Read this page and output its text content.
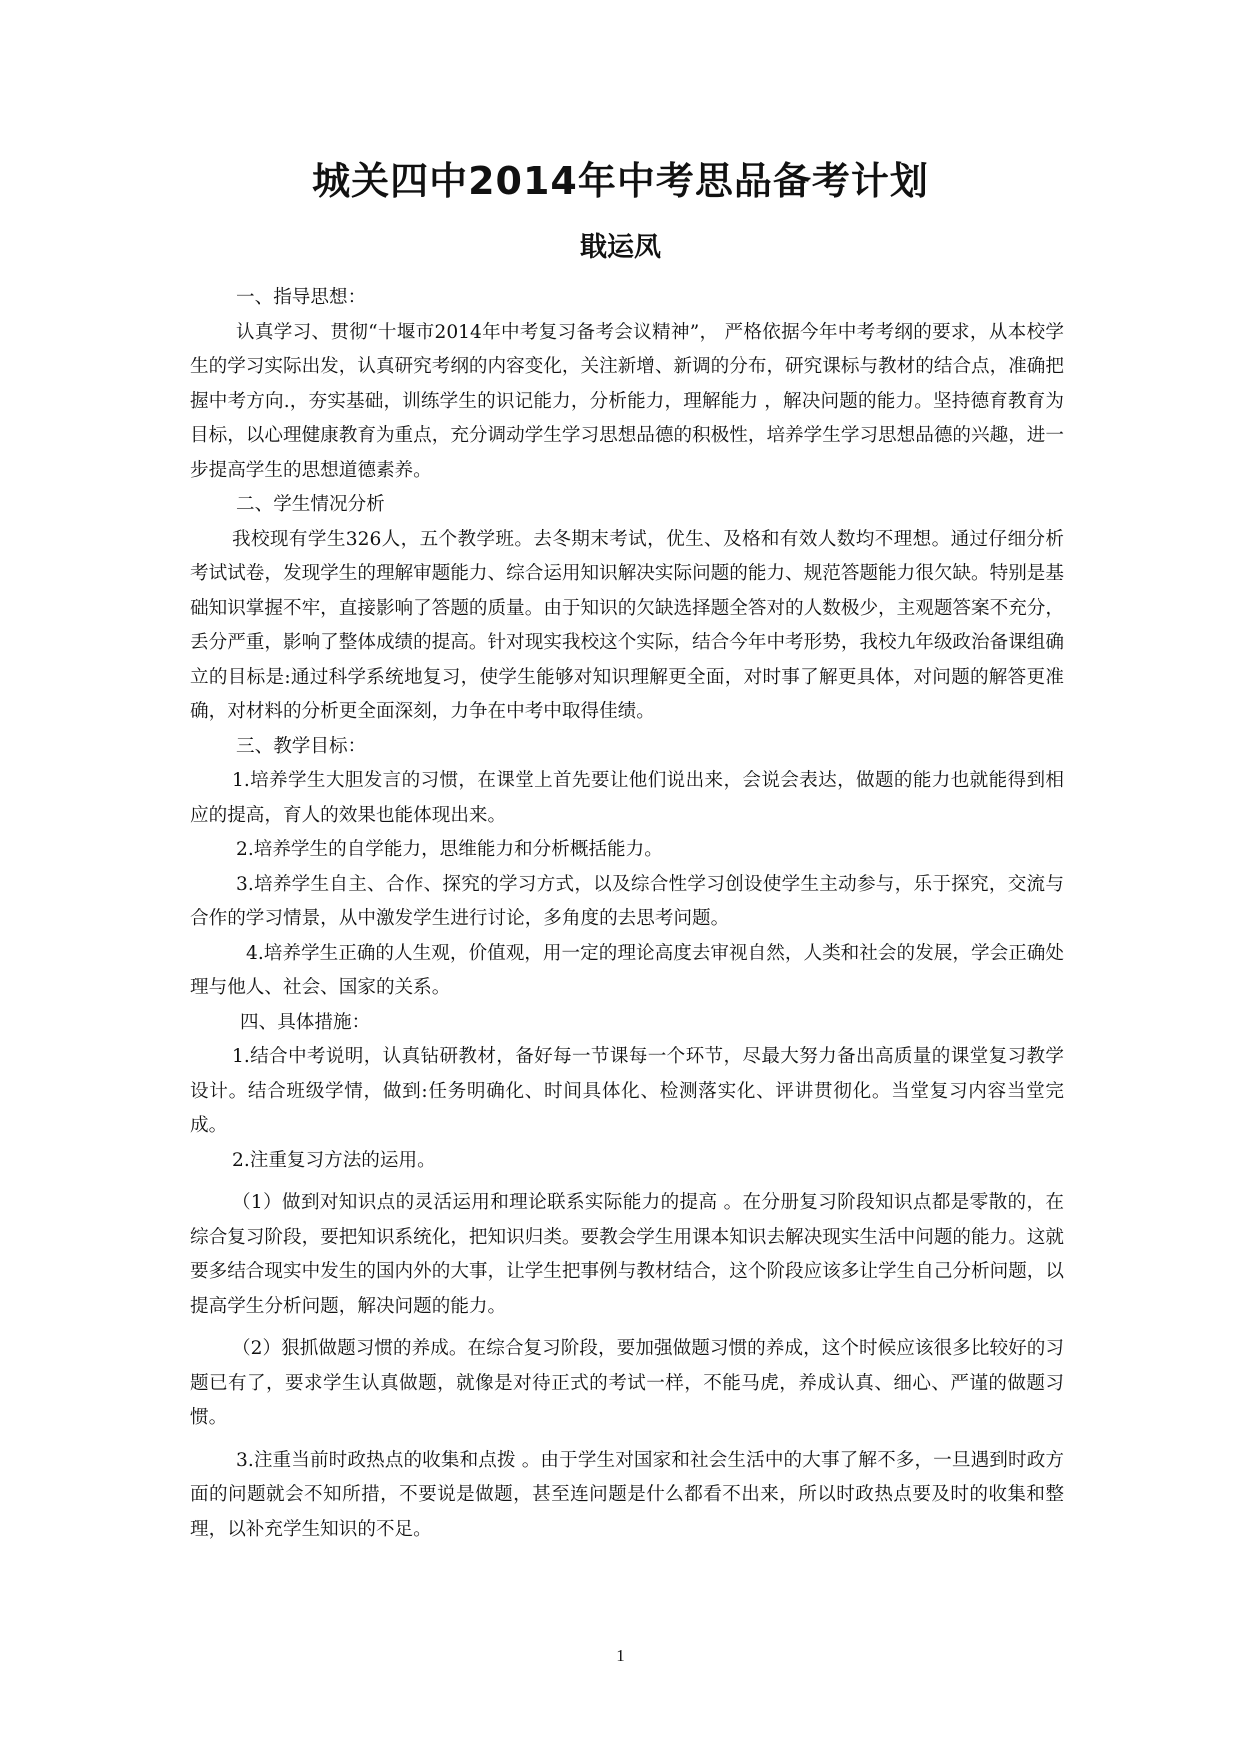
城关四中2014年中考思品备考计划
戢运凤

一、指导思想：

认真学习、贯彻“十堰市2014年中考复习备考会议精神”， 严格依据今年中考考纲的要求，从本校学生的学习实际出发，认真研究考纲的内容变化，关注新增、新调的分布，研究课标与教材的结合点，准确把握中考方向.，夯实基础，训练学生的识记能力，分析能力，理解能力 ，解决问题的能力。坚持德育教育为目标，以心理健康教育为重点，充分调动学生学习思想品德的积极性，培养学生学习思想品德的兴趣，进一步提高学生的思想道德素养。

二、学生情况分析

我校现有学生326人，五个教学班。去冬期末考试，优生、及格和有效人数均不理想。通过仔细分析考试试卷，发现学生的理解审题能力、综合运用知识解决实际问题的能力、规范答题能力很欠缺。特别是基础知识掌握不牢，直接影响了答题的质量。由于知识的欠缺选择题全答对的人数极少，主观题答案不充分，丢分严重，影响了整体成绩的提高。针对现实我校这个实际，结合今年中考形势，我校九年级政治备课组确立的目标是:通过科学系统地复习，使学生能够对知识理解更全面，对时事了解更具体，对问题的解答更准确，对材料的分析更全面深刻，力争在中考中取得佳绩。

三、教学目标：

1.培养学生大胆发言的习惯，在课堂上首先要让他们说出来，会说会表达，做题的能力也就能得到相应的提高，育人的效果也能体现出来。

2.培养学生的自学能力，思维能力和分析概括能力。

3.培养学生自主、合作、探究的学习方式，以及综合性学习创设使学生主动参与，乐于探究，交流与合作的学习情景，从中激发学生进行讨论，多角度的去思考问题。

4.培养学生正确的人生观，价值观，用一定的理论高度去审视自然，人类和社会的发展，学会正确处理与他人、社会、国家的关系。

四、具体措施：

1.结合中考说明，认真钻研教材，备好每一节课每一个环节，尽最大努力备出高质量的课堂复习教学设计。结合班级学情，做到:任务明确化、时间具体化、检测落实化、评讲贯彻化。当堂复习内容当堂完成。

2.注重复习方法的运用。

（1）做到对知识点的灵活运用和理论联系实际能力的提高 。在分册复习阶段知识点都是零散的，在综合复习阶段，要把知识系统化，把知识归类。要教会学生用课本知识去解决现实生活中问题的能力。这就要多结合现实中发生的国内外的大事，让学生把事例与教材结合，这个阶段应该多让学生自己分析问题，以提高学生分析问题，解决问题的能力。

（2）狠抓做题习惯的养成。在综合复习阶段，要加强做题习惯的养成，这个时候应该很多比较好的习题已有了，要求学生认真做题，就像是对待正式的考试一样，不能马虎，养成认真、细心、严谨的做题习惯。

3.注重当前时政热点的收集和点拨 。由于学生对国家和社会生活中的大事了解不多，一旦遇到时政方面的问题就会不知所措，不要说是做题，甚至连问题是什么都看不出来，所以时政热点要及时的收集和整理，以补充学生知识的不足。

1
